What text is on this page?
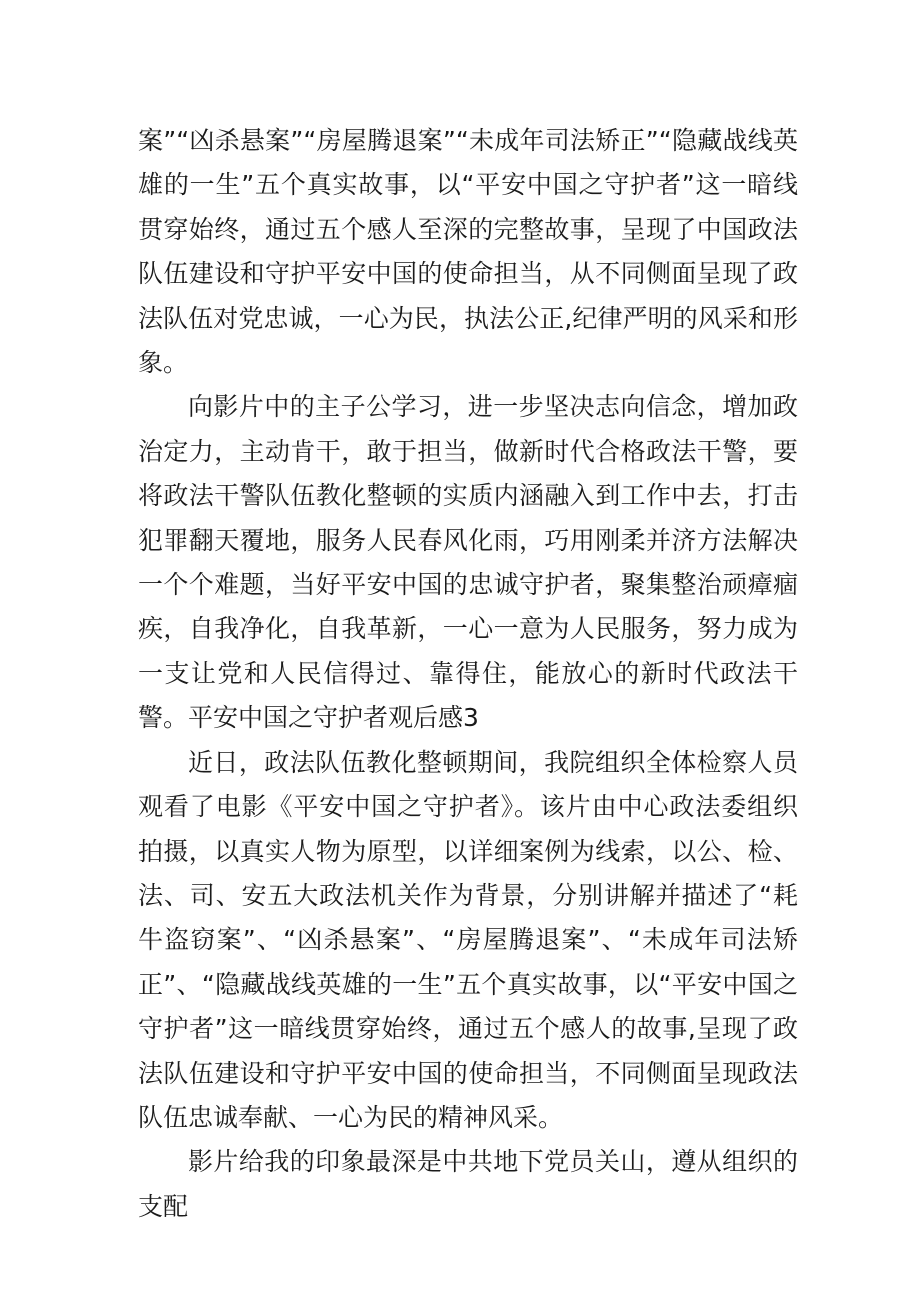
案”“凶杀悬案”“房屋腾退案”“未成年司法矫正”“隐藏战线英雄的一生”五个真实故事，以“平安中国之守护者”这一暗线贯穿始终，通过五个感人至深的完整故事，呈现了中国政法队伍建设和守护平安中国的使命担当，从不同侧面呈现了政法队伍对党忠诚，一心为民，执法公正,纪律严明的风采和形象。

向影片中的主子公学习，进一步坚决志向信念，增加政治定力，主动肯干，敢于担当，做新时代合格政法干警，要将政法干警队伍教化整顿的实质内涵融入到工作中去，打击犯罪翻天覆地，服务人民春风化雨，巧用刚柔并济方法解决一个个难题，当好平安中国的忠诚守护者，聚集整治顽瘴痼疾，自我净化，自我革新，一心一意为人民服务，努力成为一支让党和人民信得过、靠得住，能放心的新时代政法干警。平安中国之守护者观后感3

近日，政法队伍教化整顿期间，我院组织全体检察人员观看了电影《平安中国之守护者》。该片由中心政法委组织拍摄，以真实人物为原型，以详细案例为线索，以公、检、法、司、安五大政法机关作为背景，分别讲解并描述了“耗牛盗窃案”、“凶杀悬案”、“房屋腾退案”、“未成年司法矫正”、“隐藏战线英雄的一生”五个真实故事，以“平安中国之守护者”这一暗线贯穿始终，通过五个感人的故事,呈现了政法队伍建设和守护平安中国的使命担当，不同侧面呈现政法队伍忠诚奉献、一心为民的精神风采。

影片给我的印象最深是中共地下党员关山，遵从组织的支配
